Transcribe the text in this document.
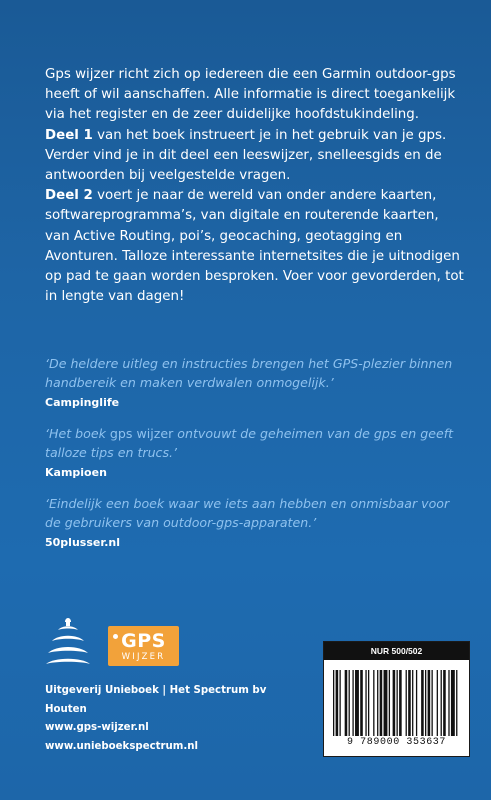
Gps wijzer richt zich op iedereen die een Garmin outdoor-gps heeft of wil aanschaffen. Alle informatie is direct toegankelijk via het register en de zeer duidelijke hoofdstukindeling.

Deel 1 van het boek instrueert je in het gebruik van je gps. Verder vind je in dit deel een leeswijzer, snelleesgids en de antwoorden bij veelgestelde vragen.

Deel 2 voert je naar de wereld van onder andere kaarten, softwareprogramma’s, van digitale en routerende kaarten, van Active Routing, poi’s, geocaching, geotagging en Avonturen. Talloze interessante internetsites die je uitnodigen op pad te gaan worden besproken. Voer voor gevorderden, tot in lengte van dagen!

‘De heldere uitleg en instructies brengen het GPS-plezier binnen handbereik en maken verdwalen onmogelijk.’

Campinglife

‘Het boek gps wijzer ontvouwt de geheimen van de gps en geeft talloze tips en trucs.’

Kampioen

‘Eindelijk een boek waar we iets aan hebben en onmisbaar voor de gebruikers van outdoor-gps-apparaten.’

50plusser.nl

GPS
WIJZER

Uitgeverij Unieboek | Het Spectrum bv

Houten

www.gps-wijzer.nl

www.unieboekspectrum.nl

NUR 500/502
9 789000 353637
